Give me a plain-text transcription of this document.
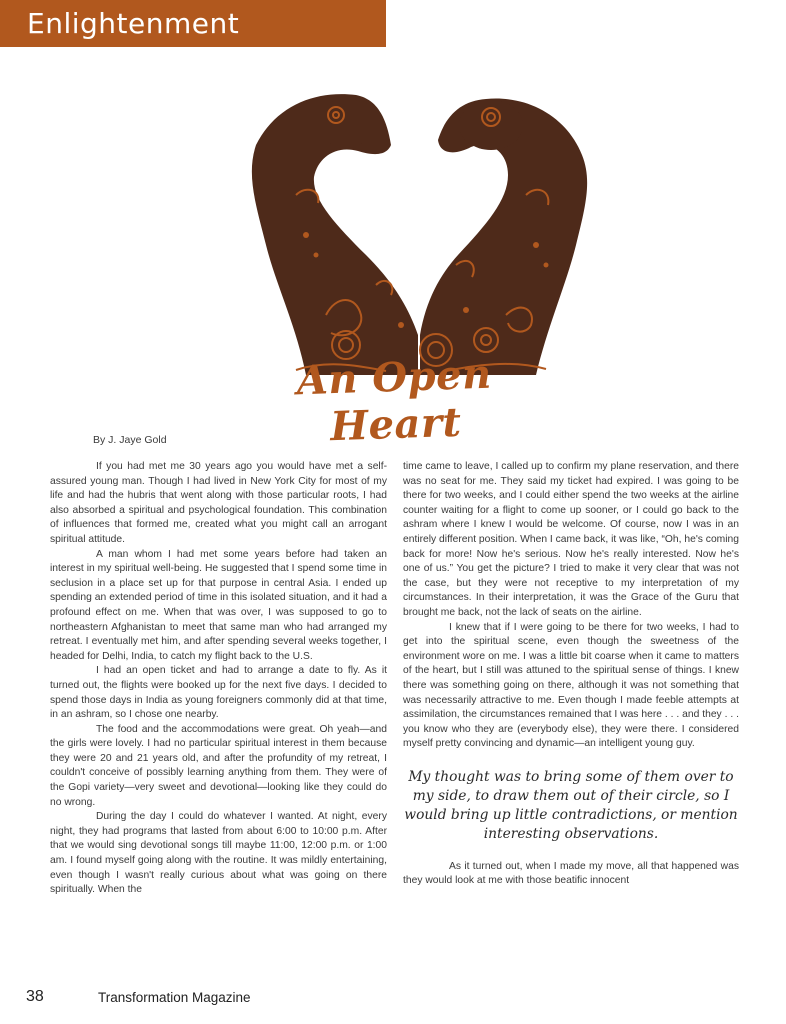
Enlightenment
An Open Heart
By J. Jaye Gold

If you had met me 30 years ago you would have met a self-assured young man. Though I had lived in New York City for most of my life and had the hubris that went along with those particular roots, I had also absorbed a spiritual and psychological foundation. This combination of influences that formed me, created what you might call an arrogant spiritual attitude.

A man whom I had met some years before had taken an interest in my spiritual well-being. He suggested that I spend some time in seclusion in a place set up for that purpose in central Asia. I ended up spending an extended period of time in this isolated situation, and it had a profound effect on me. When that was over, I was supposed to go to northeastern Afghanistan to meet that same man who had arranged my retreat. I eventually met him, and after spending several weeks together, I headed for Delhi, India, to catch my flight back to the U.S.

I had an open ticket and had to arrange a date to fly. As it turned out, the flights were booked up for the next five days. I decided to spend those days in India as young foreigners commonly did at that time, in an ashram, so I chose one nearby.

The food and the accommodations were great. Oh yeah—and the girls were lovely. I had no particular spiritual interest in them because they were 20 and 21 years old, and after the profundity of my retreat, I couldn't conceive of possibly learning anything from them. They were of the Gopi variety—very sweet and devotional—looking like they could do no wrong.

During the day I could do whatever I wanted. At night, every night, they had programs that lasted from about 6:00 to 10:00 p.m. After that we would sing devotional songs till maybe 11:00, 12:00 p.m. or 1:00 am. I found myself going along with the routine. It was mildly entertaining, even though I wasn't really curious about what was going on there spiritually. When the

time came to leave, I called up to confirm my plane reservation, and there was no seat for me. They said my ticket had expired. I was going to be there for two weeks, and I could either spend the two weeks at the airline counter waiting for a flight to come up sooner, or I could go back to the ashram where I knew I would be welcome. Of course, now I was in an entirely different position. When I came back, it was like, “Oh, he's coming back for more! Now he's serious. Now he's really interested. Now he's one of us.” You get the picture? I tried to make it very clear that was not the case, but they were not receptive to my interpretation of my circumstances. In their interpretation, it was the Grace of the Guru that brought me back, not the lack of seats on the airline.

I knew that if I were going to be there for two weeks, I had to get into the spiritual scene, even though the sweetness of the environment wore on me. I was a little bit coarse when it came to matters of the heart, but I still was attuned to the spiritual sense of things. I knew there was something going on there, although it was not something that was necessarily attractive to me. Even though I made feeble attempts at assimilation, the circumstances remained that I was here . . . and they . . . you know who they are (everybody else), they were there. I considered myself pretty convincing and dynamic—an intelligent young guy.

My thought was to bring some of them over to my side, to draw them out of their circle, so I would bring up little contradictions, or mention interesting observations.

As it turned out, when I made my move, all that happened was they would look at me with those beatific innocent

38	Transformation Magazine
